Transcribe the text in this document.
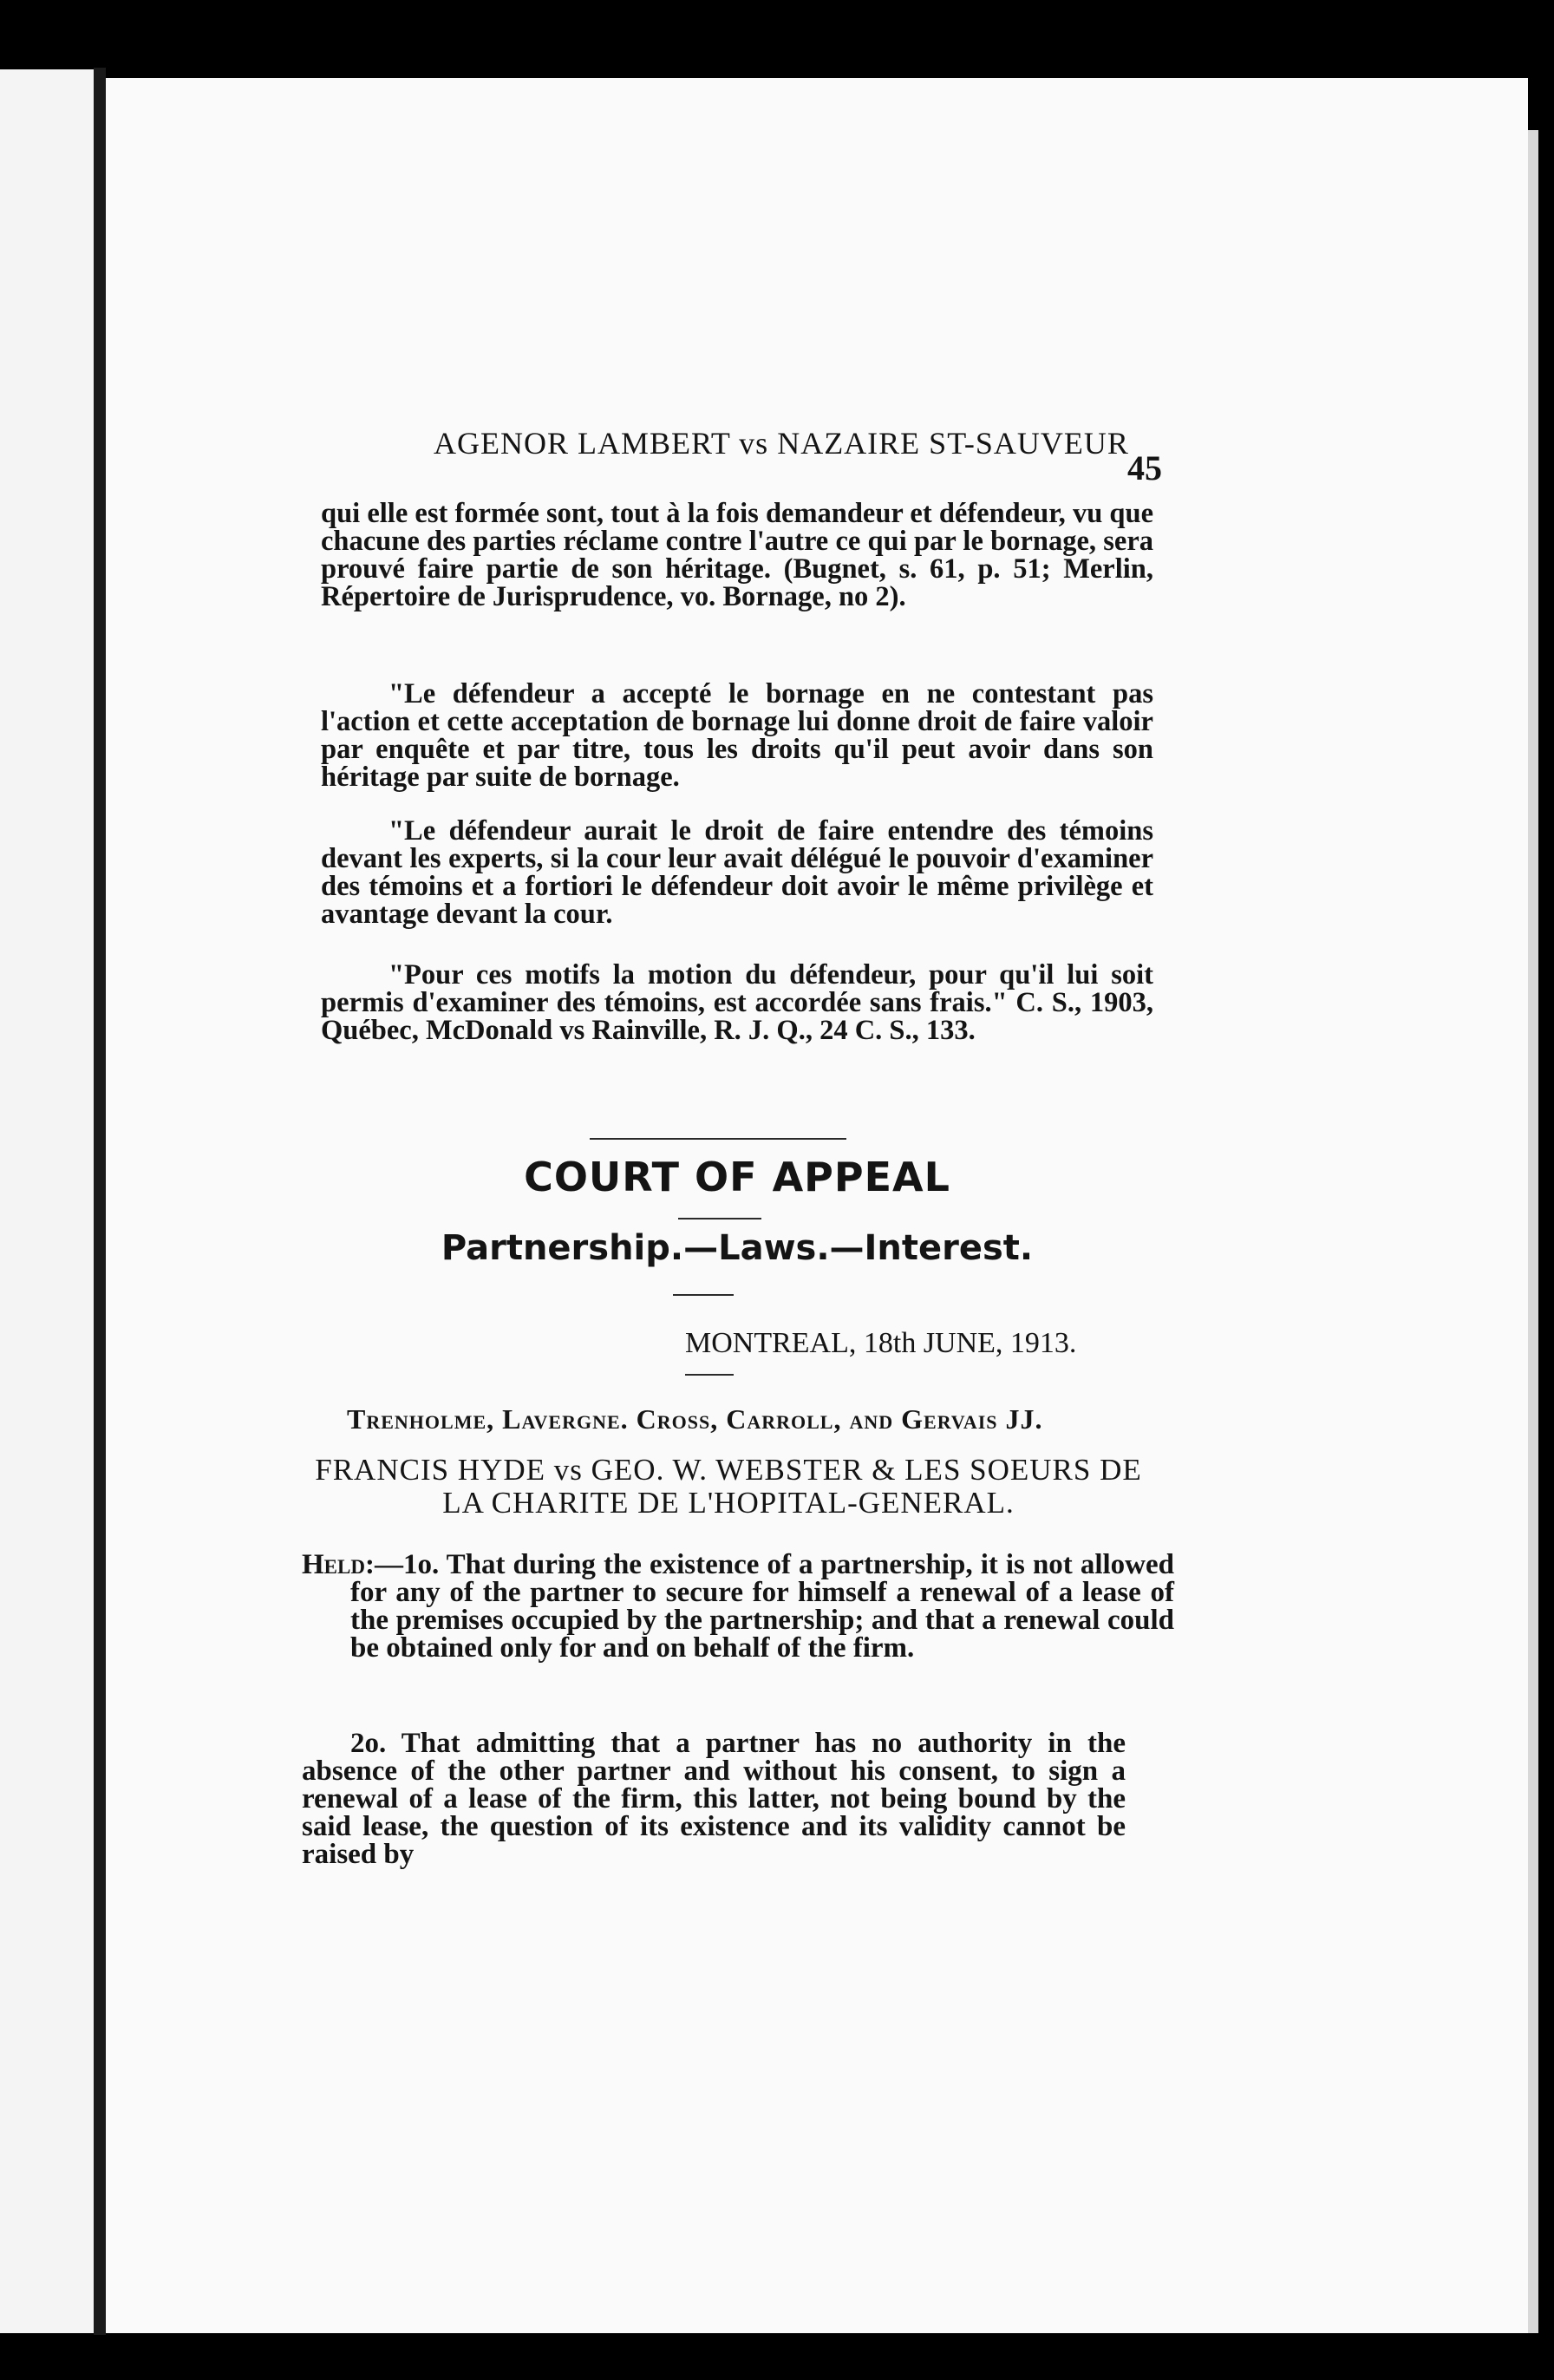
AGENOR LAMBERT vs NAZAIRE ST-SAUVEUR
45

qui elle est formée sont, tout à la fois demandeur et défendeur, vu que chacune des parties réclame contre l'autre ce qui par le bornage, sera prouvé faire partie de son héritage. (Bugnet, s. 61, p. 51; Merlin, Répertoire de Jurisprudence, vo. Bornage, no 2).

"Le défendeur a accepté le bornage en ne contestant pas l'action et cette acceptation de bornage lui donne droit de faire valoir par enquête et par titre, tous les droits qu'il peut avoir dans son héritage par suite de bornage.

"Le défendeur aurait le droit de faire entendre des témoins devant les experts, si la cour leur avait délégué le pouvoir d'examiner des témoins et a fortiori le défendeur doit avoir le même privilège et avantage devant la cour.

"Pour ces motifs la motion du défendeur, pour qu'il lui soit permis d'examiner des témoins, est accordée sans frais." C. S., 1903, Québec, McDonald vs Rainville, R. J. Q., 24 C. S., 133.

COURT OF APPEAL
Partnership.—Laws.—Interest.
MONTREAL, 18th JUNE, 1913.
Trenholme, Lavergne. Cross, Carroll, and Gervais JJ.
FRANCIS HYDE vs GEO. W. WEBSTER & LES SOEURS DE LA CHARITE DE L'HOPITAL-GENERAL.

Held:—1o. That during the existence of a partnership, it is not allowed for any of the partner to secure for himself a renewal of a lease of the premises occupied by the partnership; and that a renewal could be obtained only for and on behalf of the firm.

2o. That admitting that a partner has no authority in the absence of the other partner and without his consent, to sign a renewal of a lease of the firm, this latter, not being bound by the said lease, the question of its existence and its validity cannot be raised by
